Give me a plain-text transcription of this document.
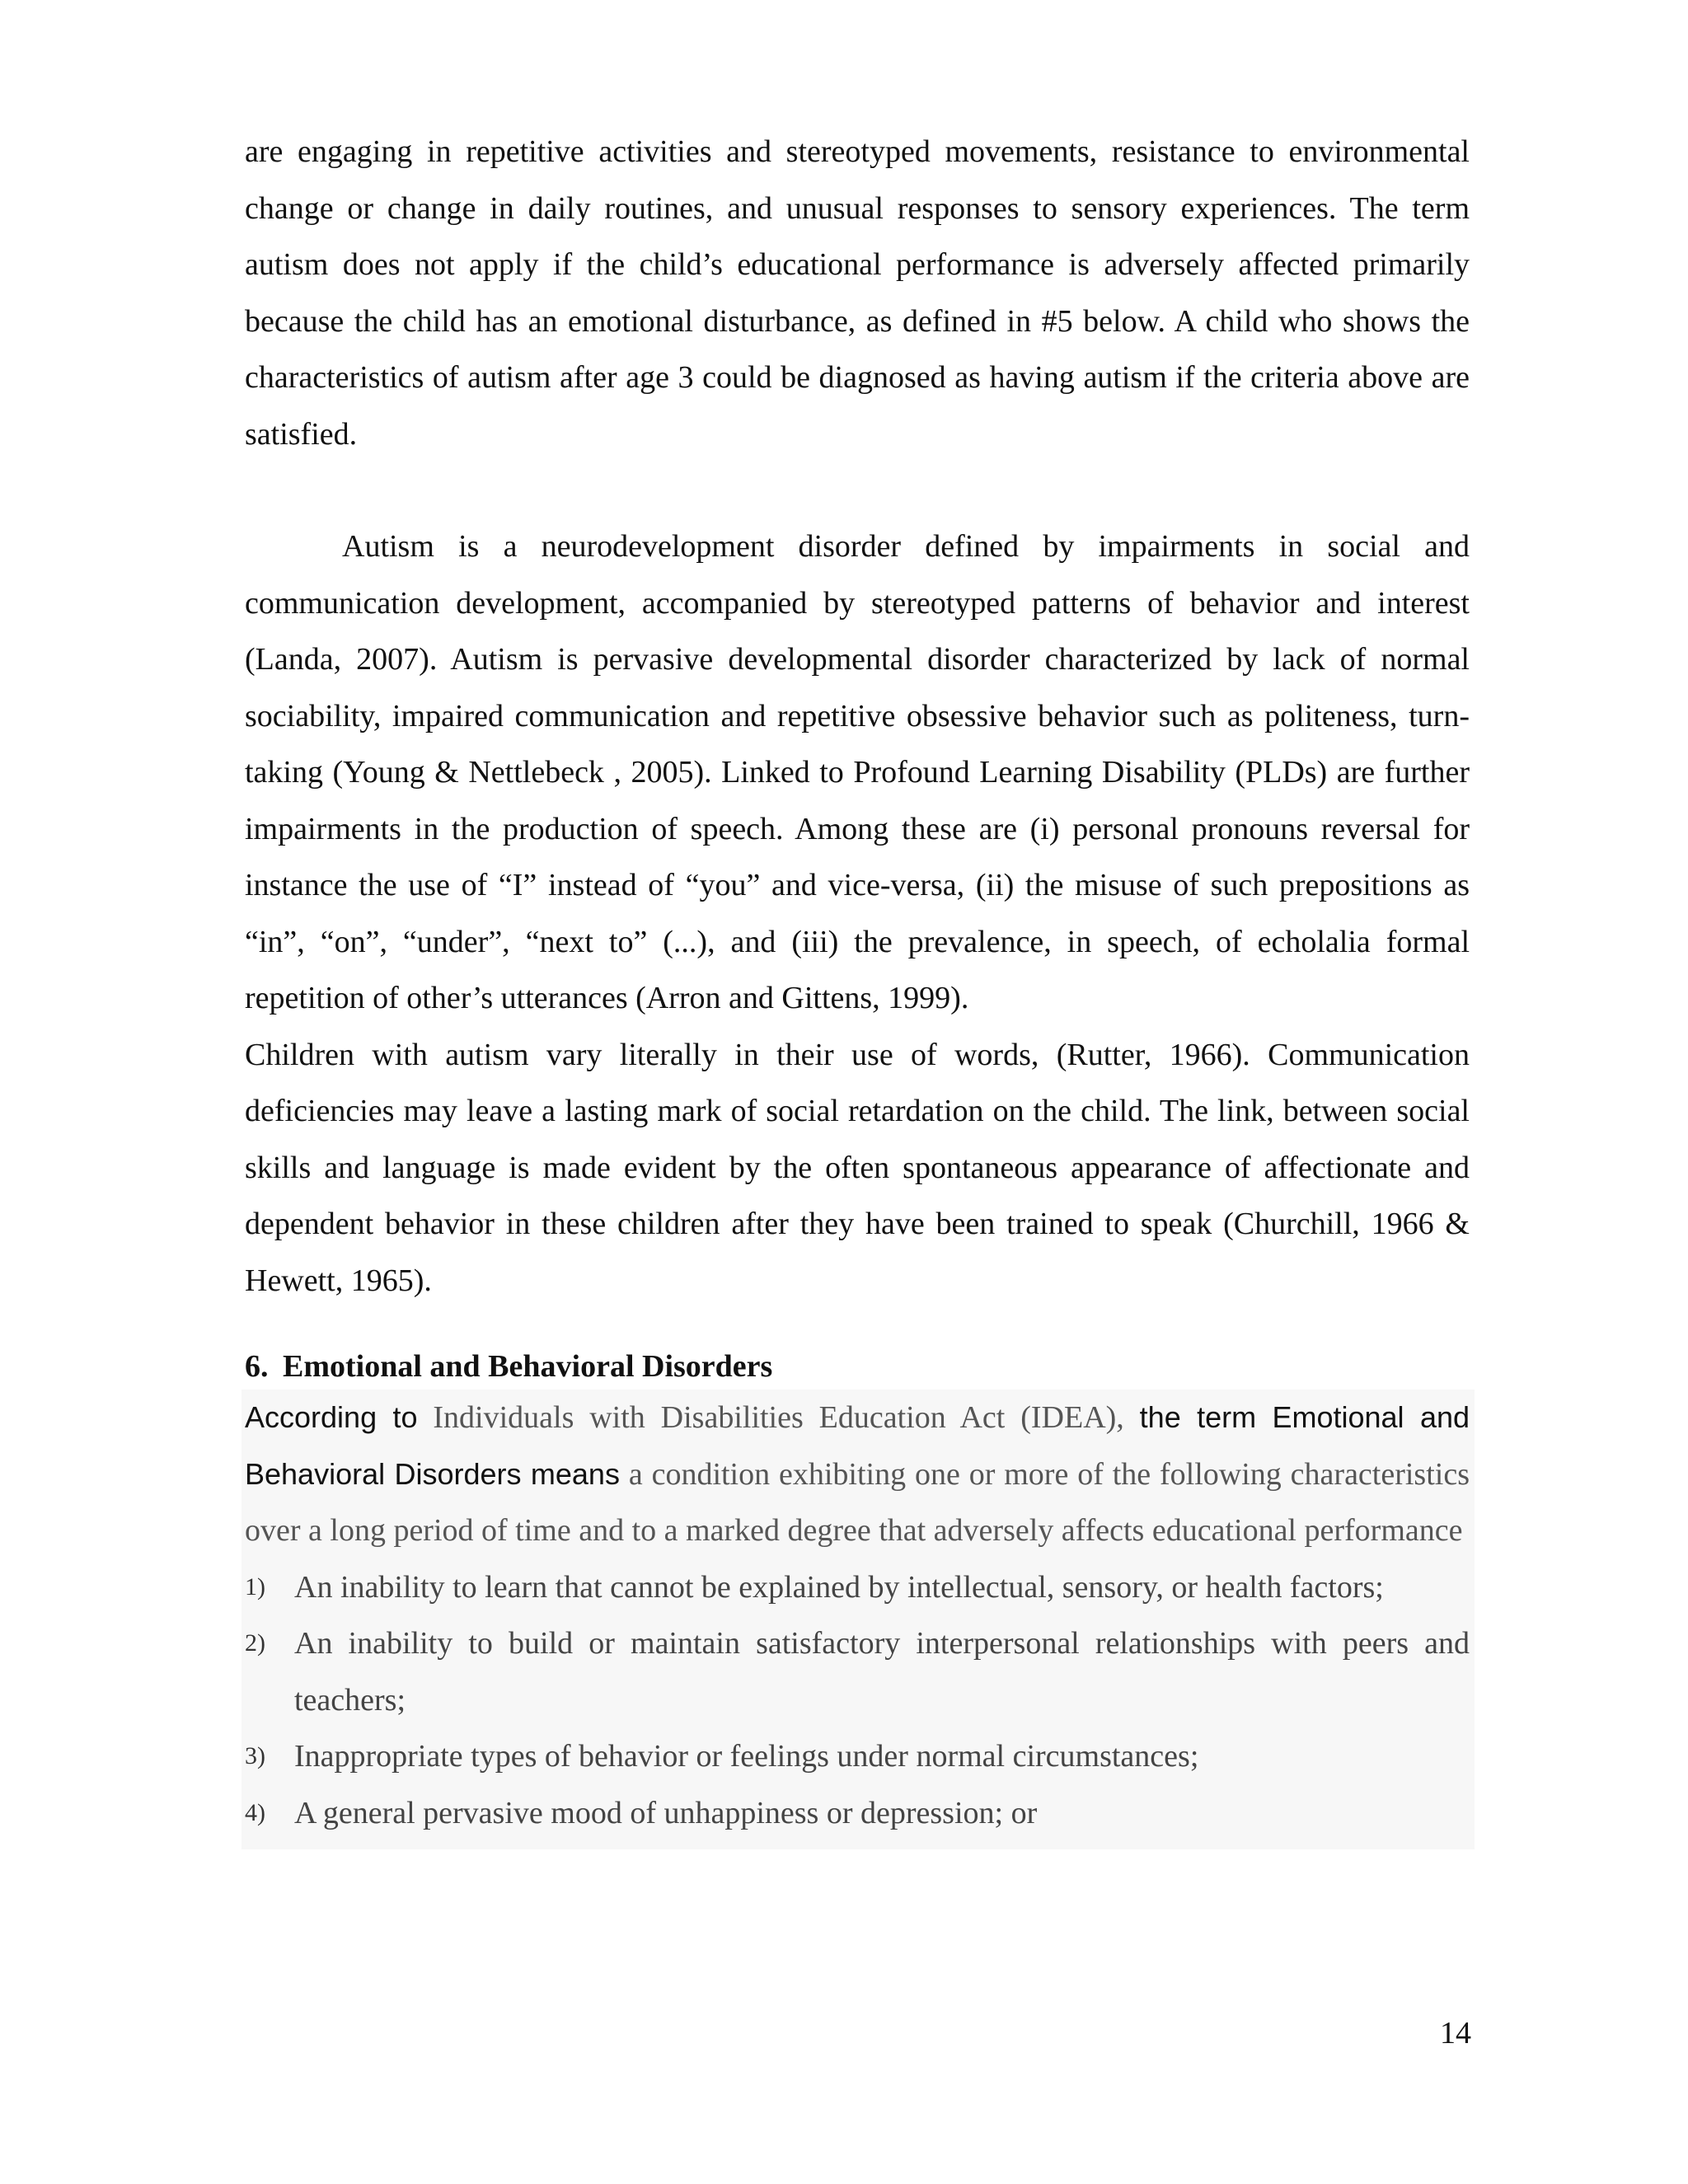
are engaging in repetitive activities and stereotyped movements, resistance to environmental change or change in daily routines, and unusual responses to sensory experiences. The term autism does not apply if the child’s educational performance is adversely affected primarily because the child has an emotional disturbance, as defined in #5 below. A child who shows the characteristics of autism after age 3 could be diagnosed as having autism if the criteria above are satisfied.

Autism is a neurodevelopment disorder defined by impairments in social and communication development, accompanied by stereotyped patterns of behavior and interest (Landa, 2007). Autism is pervasive developmental disorder characterized by lack of normal sociability, impaired communication and repetitive obsessive behavior such as politeness, turn-taking (Young & Nettlebeck , 2005). Linked to Profound Learning Disability (PLDs) are further impairments in the production of speech. Among these are (i) personal pronouns reversal for instance the use of “I” instead of “you” and vice-versa, (ii) the misuse of such prepositions as “in”, “on”, “under”, “next to” (...), and (iii) the prevalence, in speech, of echolalia formal repetition of other’s utterances (Arron and Gittens, 1999).

Children with autism vary literally in their use of words, (Rutter, 1966). Communication deficiencies may leave a lasting mark of social retardation on the child. The link, between social skills and language is made evident by the often spontaneous appearance of affectionate and dependent behavior in these children after they have been trained to speak (Churchill, 1966 & Hewett, 1965).

6. Emotional and Behavioral Disorders

According to Individuals with Disabilities Education Act (IDEA), the term Emotional and Behavioral Disorders means a condition exhibiting one or more of the following characteristics over a long period of time and to a marked degree that adversely affects educational performance

1) An inability to learn that cannot be explained by intellectual, sensory, or health factors;
2) An inability to build or maintain satisfactory interpersonal relationships with peers and teachers;
3) Inappropriate types of behavior or feelings under normal circumstances;
4) A general pervasive mood of unhappiness or depression; or
14
